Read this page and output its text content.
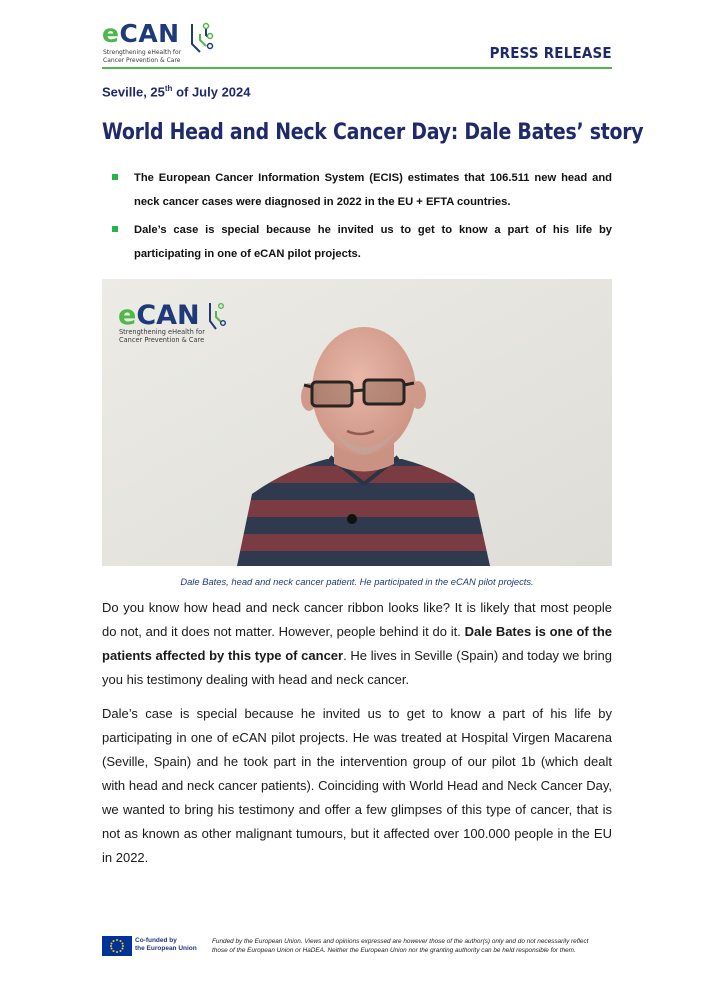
eCAN
Strengthening eHealth for
Cancer Prevention & Care	PRESS RELEASE
Seville, 25th of July 2024
World Head and Neck Cancer Day: Dale Bates’ story
The European Cancer Information System (ECIS) estimates that 106.511 new head and neck cancer cases were diagnosed in 2022 in the EU + EFTA countries.
Dale’s case is special because he invited us to get to know a part of his life by participating in one of eCAN pilot projects.
eCAN
Strengthening eHealth for
Cancer Prevention & Care
Dale Bates, head and neck cancer patient. He participated in the eCAN pilot projects.

Do you know how head and neck cancer ribbon looks like? It is likely that most people do not, and it does not matter. However, people behind it do it. Dale Bates is one of the patients affected by this type of cancer. He lives in Seville (Spain) and today we bring you his testimony dealing with head and neck cancer.

Dale’s case is special because he invited us to get to know a part of his life by participating in one of eCAN pilot projects. He was treated at Hospital Virgen Macarena (Seville, Spain) and he took part in the intervention group of our pilot 1b (which dealt with head and neck cancer patients). Coinciding with World Head and Neck Cancer Day, we wanted to bring his testimony and offer a few glimpses of this type of cancer, that is not as known as other malignant tumours, but it affected over 100.000 people in the EU in 2022.

Co-funded by
the European Union
Funded by the European Union. Views and opinions expressed are however those of the author(s) only and do not necessarily reflect
those of the European Union or HaDEA. Neither the European Union nor the granting authority can be held responsible for them.
